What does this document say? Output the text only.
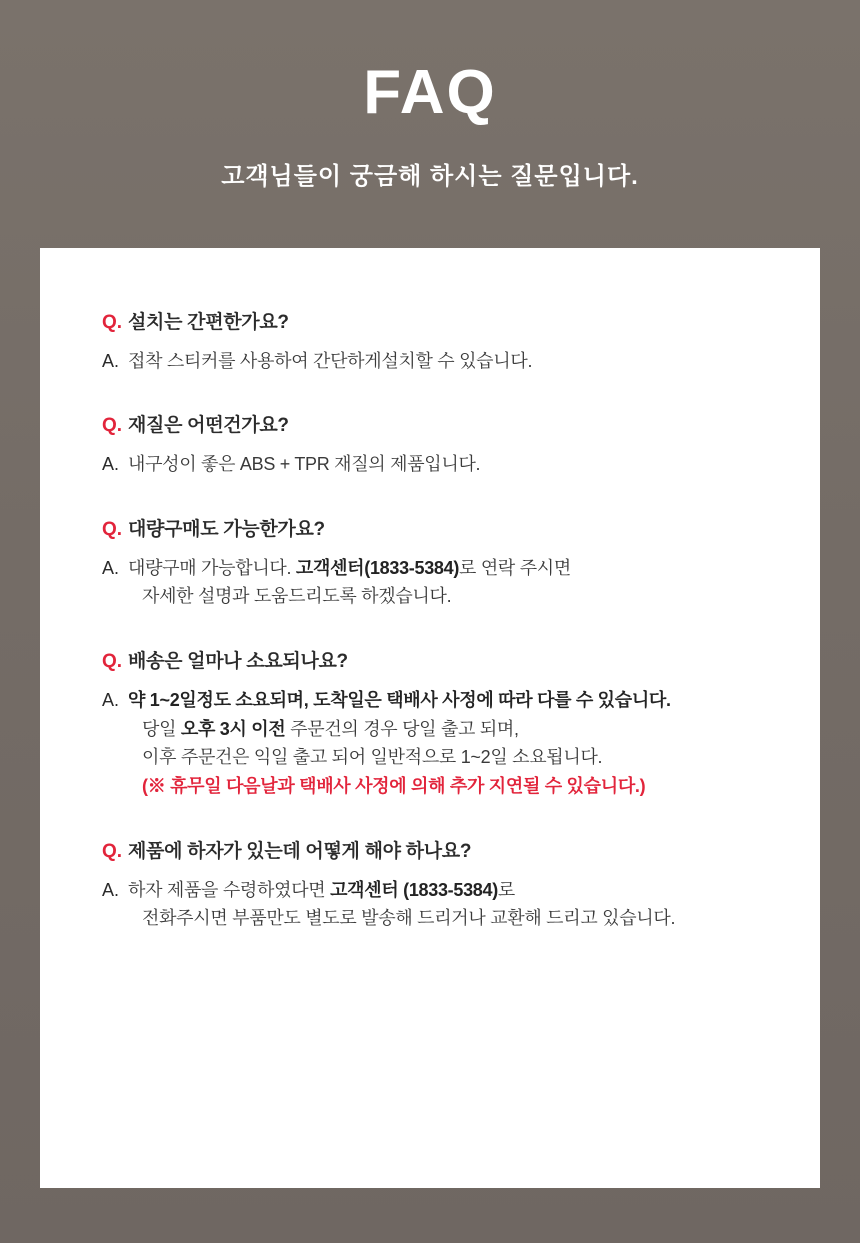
FAQ
고객님들이 궁금해 하시는 질문입니다.
Q. 설치는 간편한가요?
A. 접착 스티커를 사용하여 간단하게설치할 수 있습니다.
Q. 재질은 어떤건가요?
A. 내구성이 좋은 ABS + TPR 재질의 제품입니다.
Q. 대량구매도 가능한가요?
A. 대량구매 가능합니다. 고객센터(1833-5384)로 연락 주시면
자세한 설명과 도움드리도록 하겠습니다.
Q. 배송은 얼마나 소요되나요?
A. 약 1~2일정도 소요되며, 도착일은 택배사 사정에 따라 다를 수 있습니다.
당일 오후 3시 이전 주문건의 경우 당일 출고 되며,
이후 주문건은 익일 출고 되어 일반적으로 1~2일 소요됩니다.
(※ 휴무일 다음날과 택배사 사정에 의해 추가 지연될 수 있습니다.)
Q. 제품에 하자가 있는데 어떻게 해야 하나요?
A. 하자 제품을 수령하였다면 고객센터 (1833-5384)로
전화주시면 부품만도 별도로 발송해 드리거나 교환해 드리고 있습니다.
